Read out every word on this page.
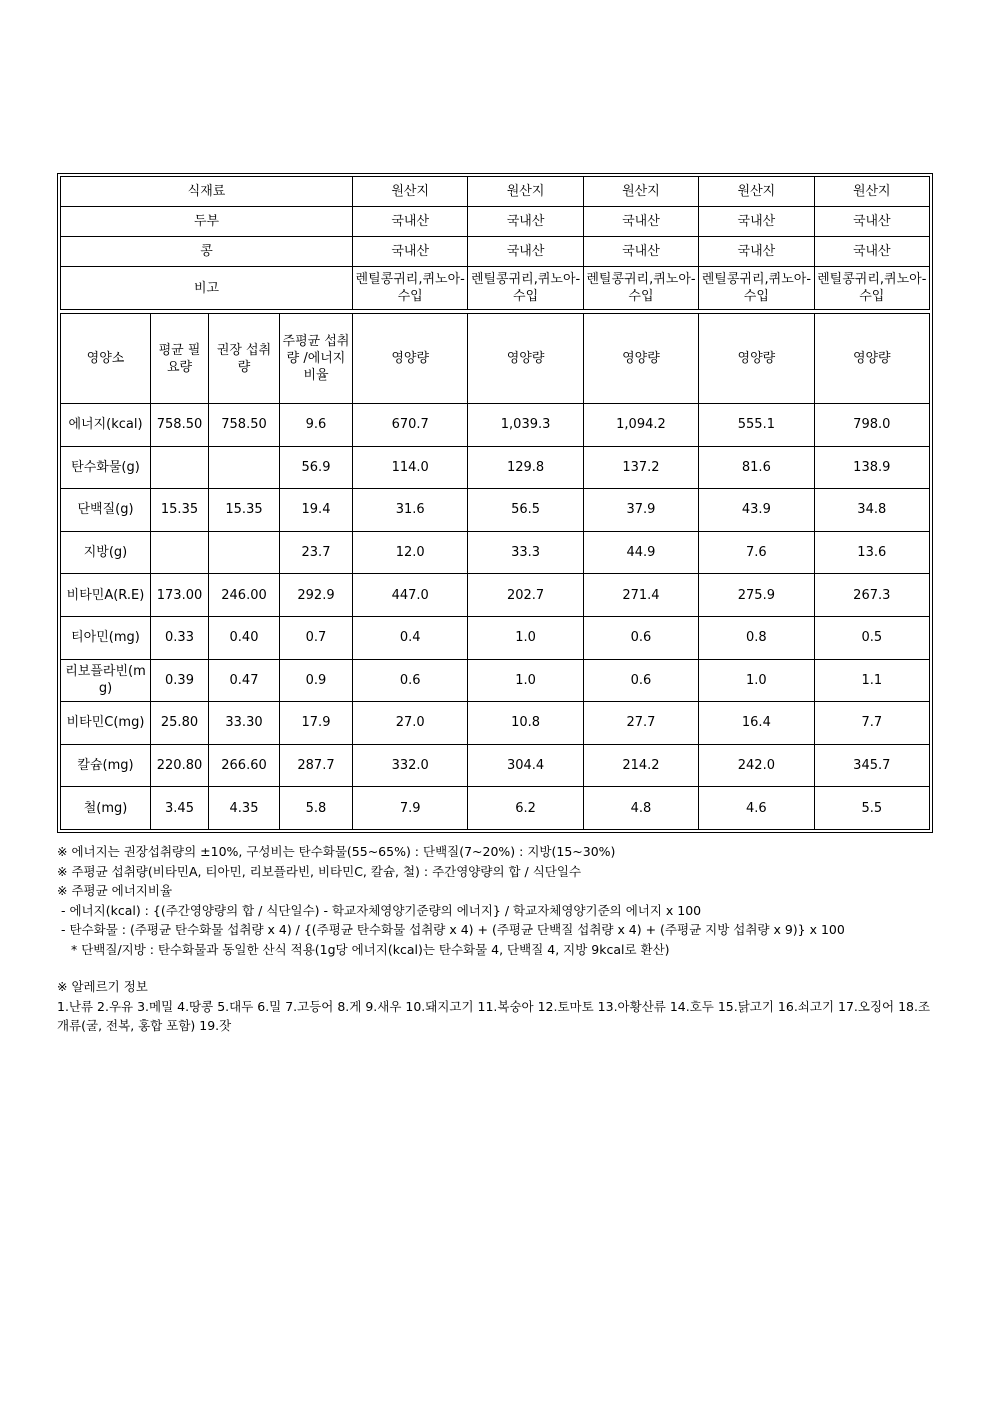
식재료	원산지	원산지	원산지	원산지	원산지
두부	국내산	국내산	국내산	국내산	국내산
콩	국내산	국내산	국내산	국내산	국내산
비고	렌틸콩귀리,퀴노아-수입	렌틸콩귀리,퀴노아-수입	렌틸콩귀리,퀴노아-수입	렌틸콩귀리,퀴노아-수입	렌틸콩귀리,퀴노아-수입
영양소	평균 필요량	권장 섭취량	주평균 섭취량 /에너지 비율	영양량	영양량	영양량	영양량	영양량
에너지(kcal)	758.50	758.50	9.6	670.7	1,039.3	1,094.2	555.1	798.0
탄수화물(g)			56.9	114.0	129.8	137.2	81.6	138.9
단백질(g)	15.35	15.35	19.4	31.6	56.5	37.9	43.9	34.8
지방(g)			23.7	12.0	33.3	44.9	7.6	13.6
비타민A(R.E)	173.00	246.00	292.9	447.0	202.7	271.4	275.9	267.3
티아민(mg)	0.33	0.40	0.7	0.4	1.0	0.6	0.8	0.5
리보플라빈(mg)	0.39	0.47	0.9	0.6	1.0	0.6	1.0	1.1
비타민C(mg)	25.80	33.30	17.9	27.0	10.8	27.7	16.4	7.7
칼슘(mg)	220.80	266.60	287.7	332.0	304.4	214.2	242.0	345.7
철(mg)	3.45	4.35	5.8	7.9	6.2	4.8	4.6	5.5
※ 에너지는 권장섭취량의 ±10%, 구성비는 탄수화물(55~65%) : 단백질(7~20%) : 지방(15~30%)
※ 주평균 섭취량(비타민A, 티아민, 리보플라빈, 비타민C, 칼슘, 철) : 주간영양량의 합 / 식단일수
※ 주평균 에너지비율
- 에너지(kcal) : {(주간영양량의 합 / 식단일수) - 학교자체영양기준량의 에너지} / 학교자체영양기준의 에너지 x 100
- 탄수화물 : (주평균 탄수화물 섭취량 x 4) / {(주평균 탄수화물 섭취량 x 4) + (주평균 단백질 섭취량 x 4) + (주평균 지방 섭취량 x 9)} x 100
* 단백질/지방 : 탄수화물과 동일한 산식 적용(1g당 에너지(kcal)는 탄수화물 4, 단백질 4, 지방 9kcal로 환산)
※ 알레르기 정보
1.난류 2.우유 3.메밀 4.땅콩 5.대두 6.밀 7.고등어 8.게 9.새우 10.돼지고기 11.복숭아 12.토마토 13.아황산류 14.호두 15.닭고기 16.쇠고기 17.오징어 18.조개류(굴, 전복, 홍합 포함) 19.잣
